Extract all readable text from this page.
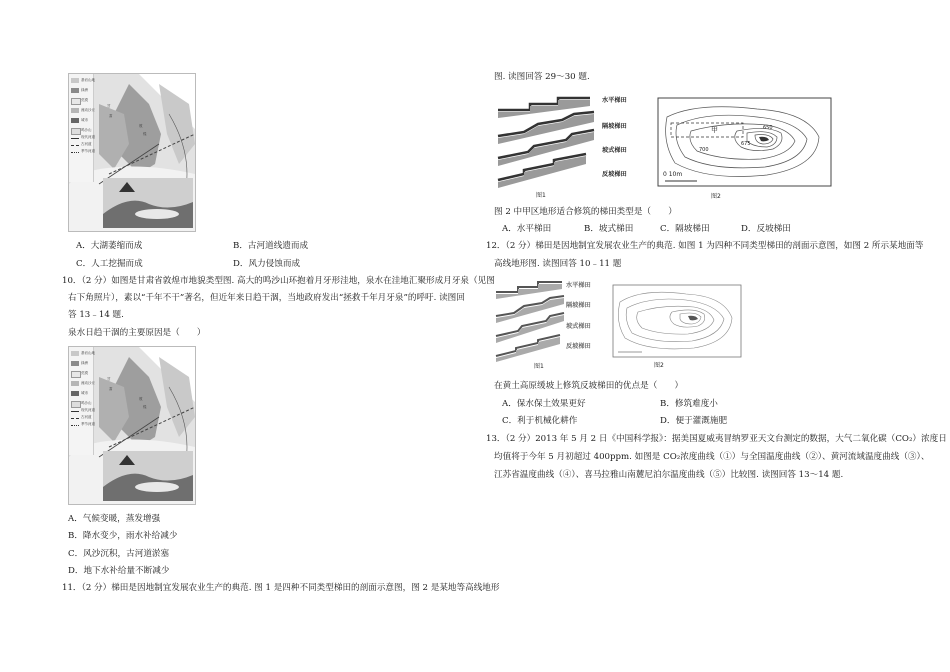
基岩山地
绿洲
荒漠
流动沙丘
城市
鸣沙山
现代河道
古河道
季节河道
甘
肃
敦
煌
A．大湖萎缩而成	B．古河道线遗而成
C．人工挖掘而成	D．风力侵蚀而成
10．（2 分）如图是甘肃省敦煌市地貌类型图. 高大的鸣沙山环抱着月牙形洼地，泉水在洼地汇聚形成月牙泉（见图
右下角照片），素以“千年不干”著名，但近年来日趋干涸，当地政府发出“拯救千年月牙泉”的呼吁. 读图回
答 13﹣14 题.
泉水日趋干涸的主要原因是（　　）
基岩山地
绿洲
荒漠
流动沙丘
城市
鸣沙山
现代河道
古河道
季节河道
甘
肃
敦
煌
A．气候变暖，蒸发增强
B．降水变少，雨水补给减少
C．风沙沉积，古河道淤塞
D．地下水补给量不断减少
11．（2 分）梯田是因地制宜发展农业生产的典范. 图 1 是四种不同类型梯田的剖面示意图，图 2 是某地等高线地形
图. 读图回答 29～30 题.
水平梯田
隔坡梯田
坡式梯田
反坡梯田
图1
甲
700
675
650
0 10m
图2
图 2 中甲区地形适合修筑的梯田类型是（　　）
A．水平梯田	B．坡式梯田	C．隔坡梯田	D．反坡梯田
12．（2 分）梯田是因地制宜发展农业生产的典范. 如图 1 为四种不同类型梯田的剖面示意图，如图 2 所示某地面等
高线地形图. 读图回答 10﹣11 题
水平梯田
隔坡梯田
坡式梯田
反坡梯田
图1	图2
在黄土高原缓坡上修筑反坡梯田的优点是（　　）
A．保水保土效果更好	B．修筑难度小
C．利于机械化耕作	D．便于灌溉施肥
13．（2 分）2013 年 5 月 2 日《中国科学报》：据美国夏威夷冒纳罗亚天文台测定的数据，大气二氧化碳（CO₂）浓度日
均值将于今年 5 月初超过 400ppm. 如图是 CO₂浓度曲线（①）与全国温度曲线（②）、黄河流域温度曲线（③）、
江苏省温度曲线（④）、喜马拉雅山南麓尼泊尔温度曲线（⑤）比较图. 读图回答 13～14 题.
